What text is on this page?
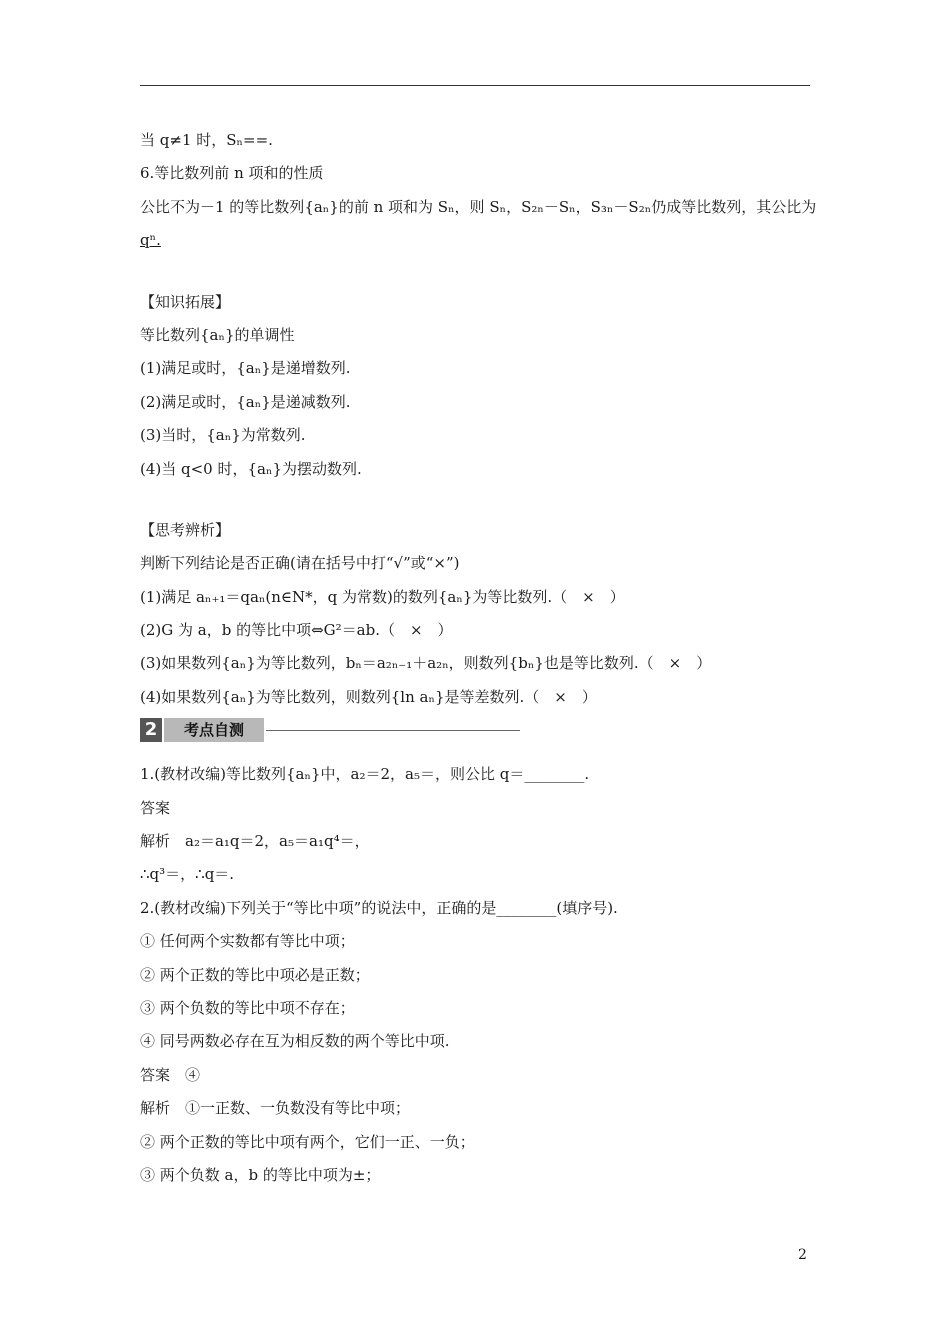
当 q≠1 时，Sₙ==.
6.等比数列前 n 项和的性质
公比不为－1 的等比数列{aₙ}的前 n 项和为 Sₙ，则 Sₙ，S₂ₙ－Sₙ，S₃ₙ－S₂ₙ仍成等比数列，其公比为
qⁿ.
【知识拓展】
等比数列{aₙ}的单调性
(1)满足或时，{aₙ}是递增数列.
(2)满足或时，{aₙ}是递减数列.
(3)当时，{aₙ}为常数列.
(4)当 q<0 时，{aₙ}为摆动数列.
【思考辨析】
判断下列结论是否正确(请在括号中打“√”或“×”)
(1)满足 aₙ₊₁＝qaₙ(n∈N*，q 为常数)的数列{aₙ}为等比数列.（　×　）
(2)G 为 a，b 的等比中项⇔G²＝ab.（　×　）
(3)如果数列{aₙ}为等比数列，bₙ＝a₂ₙ₋₁＋a₂ₙ，则数列{bₙ}也是等比数列.（　×　）
(4)如果数列{aₙ}为等比数列，则数列{ln aₙ}是等差数列.（　×　）
2	考点自测
1.(教材改编)等比数列{aₙ}中，a₂＝2，a₅＝，则公比 q＝________.
答案
解析　a₂＝a₁q＝2，a₅＝a₁q⁴＝，
∴q³＝，∴q＝.
2.(教材改编)下列关于“等比中项”的说法中，正确的是________(填序号).
① 任何两个实数都有等比中项；
② 两个正数的等比中项必是正数；
③ 两个负数的等比中项不存在；
④ 同号两数必存在互为相反数的两个等比中项.
答案　④
解析　①一正数、一负数没有等比中项；
② 两个正数的等比中项有两个，它们一正、一负；
③ 两个负数 a，b 的等比中项为±；
2
